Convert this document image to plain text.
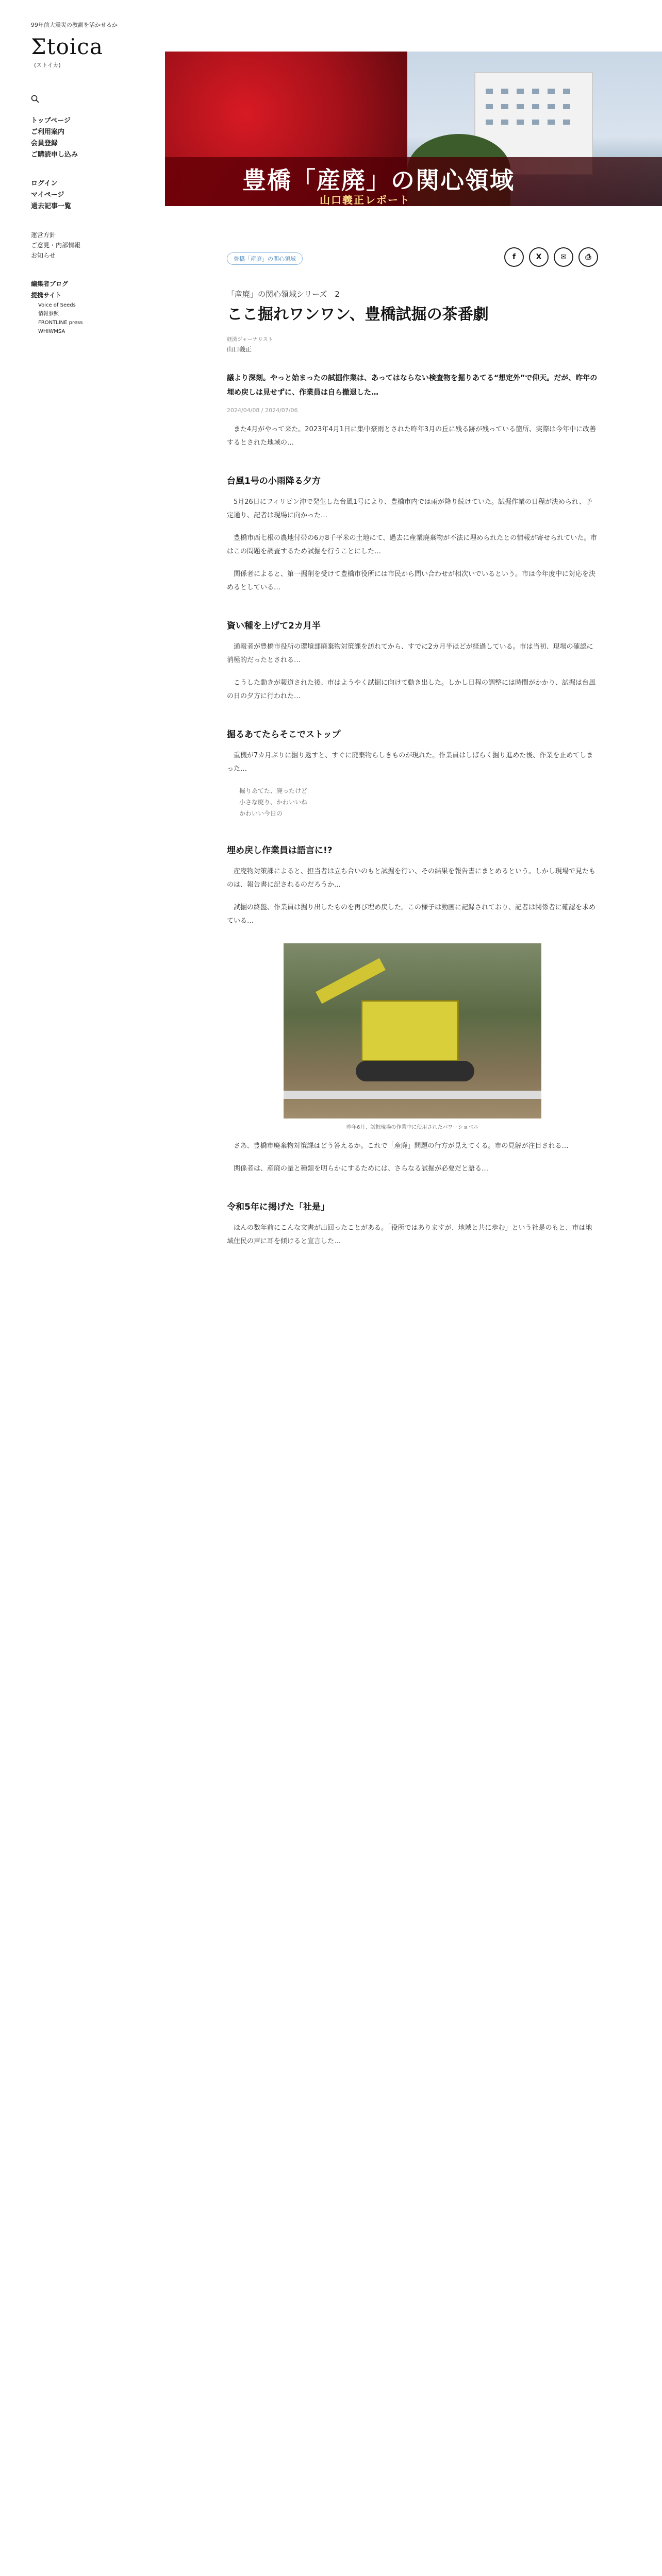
99年前大震災の教訓を活かせるか
Σtoica
(ストイカ)
トップページ
ご利用案内
会員登録
ご購読申し込み
ログイン
マイページ
過去記事一覧
運営方針
ご意見・内部情報
お知らせ
編集者ブログ
提携サイト
Voice of Seeds
情報参照
FRONTLINE press
WHIWMSA
豊橋「産廃」の関心領域
山口義正レポート
豊橋「産廃」の関心領域	f	X	✉	⎙
「産廃」の関心領域シリーズ　2
ここ掘れワンワン、豊橋試掘の茶番劇
経済ジャーナリスト
山口義正

議より深刻。やっと始まったの試掘作業は、あってはならない検査物を掘りあてる“想定外”で仰天。だが、昨年の埋め戻しは見せずに、作業員は自ら撤退した…

2024/04/08 / 2024/07/06

また4月がやって来た。2023年4月1日に集中豪雨とされた昨年3月の丘に残る跡が残っている箇所、実際は今年中に改善するとされた地域の…

台風1号の小雨降る夕方

5月26日にフィリピン沖で発生した台風1号により、豊橋市内では雨が降り続けていた。試掘作業の日程が決められ、予定通り、記者は現場に向かった…

豊橋市西七根の農地付帯の6万8千平米の土地にて、過去に産業廃棄物が不法に埋められたとの情報が寄せられていた。市はこの問題を調査するため試掘を行うことにした…

関係者によると、第一掘削を受けて豊橋市役所には市民から問い合わせが相次いでいるという。市は今年度中に対応を決めるとしている…

資い種を上げて2カ月半

通報者が豊橋市役所の環境部廃棄物対策課を訪れてから、すでに2カ月半ほどが経過している。市は当初、現場の確認に消極的だったとされる…

こうした動きが報道された後、市はようやく試掘に向けて動き出した。しかし日程の調整には時間がかかり、試掘は台風の日の夕方に行われた…

掘るあてたらそこでストップ

重機が7カ月ぶりに掘り返すと、すぐに廃棄物らしきものが現れた。作業員はしばらく掘り進めた後、作業を止めてしまった…

掘りあてた、廃ったけど
小さな廃り、かわいいね
かわいい今日の
埋め戻し作業員は語言に!?

産廃物対策課によると、担当者は立ち合いのもと試掘を行い、その結果を報告書にまとめるという。しかし現場で見たものは、報告書に記されるのだろうか…

試掘の終盤、作業員は掘り出したものを再び埋め戻した。この様子は動画に記録されており、記者は関係者に確認を求めている…

昨年6月、試掘現場の作業中に使用されたパワーショベル

さあ、豊橋市廃棄物対策課はどう答えるか。これで「産廃」問題の行方が見えてくる。市の見解が注目される…

関係者は、産廃の量と種類を明らかにするためには、さらなる試掘が必要だと語る…

令和5年に掲げた「社是」

ほんの数年前にこんな文書が出回ったことがある。「役所ではありますが、地域と共に歩む」という社是のもと、市は地域住民の声に耳を傾けると宣言した…
